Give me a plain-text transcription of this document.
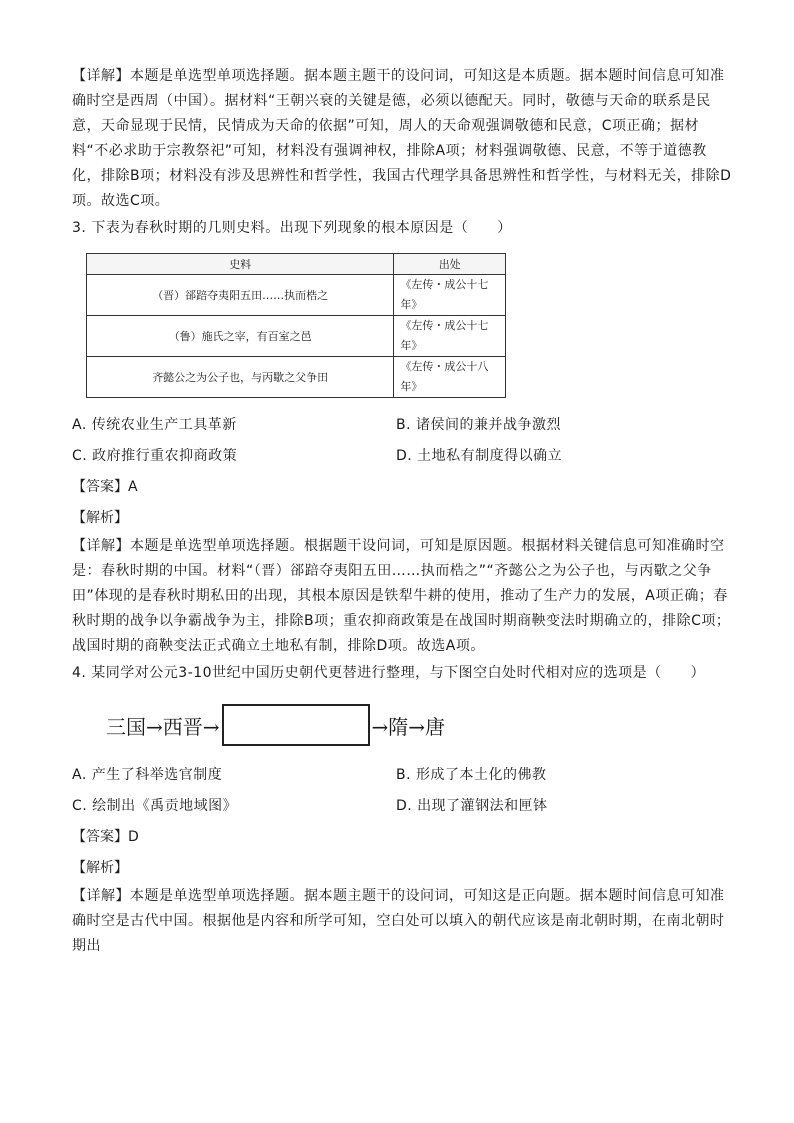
【详解】本题是单选型单项选择题。据本题主题干的设问词，可知这是本质题。据本题时间信息可知准确时空是西周（中国）。据材料“王朝兴衰的关键是德，必须以德配天。同时，敬德与天命的联系是民意，天命显现于民情，民情成为天命的依据”可知，周人的天命观强调敬德和民意，C项正确；据材料“不必求助于宗教祭祀”可知，材料没有强调神权，排除A项；材料强调敬德、民意，不等于道德教化，排除B项；材料没有涉及思辨性和哲学性，我国古代理学具备思辨性和哲学性，与材料无关，排除D项。故选C项。

3. 下表为春秋时期的几则史料。出现下列现象的根本原因是（　　）

史料	出处
（晋）郤踣夺夷阳五田……执而梏之	《左传・成公十七年》
（鲁）施氏之宰，有百室之邑	《左传・成公十七年》
齐懿公之为公子也，与丙歜之父争田	《左传・成公十八年》
A. 传统农业生产工具革新	B. 诸侯间的兼并战争激烈
C. 政府推行重农抑商政策	D. 土地私有制度得以确立
【答案】A
【解析】

【详解】本题是单选型单项选择题。根据题干设问词，可知是原因题。根据材料关键信息可知准确时空是：春秋时期的中国。材料“（晋）郤踣夺夷阳五田……执而梏之”“齐懿公之为公子也，与丙歜之父争田”体现的是春秋时期私田的出现，其根本原因是铁犁牛耕的使用，推动了生产力的发展，A项正确；春秋时期的战争以争霸战争为主，排除B项；重农抑商政策是在战国时期商鞅变法时期确立的，排除C项；战国时期的商鞅变法正式确立土地私有制，排除D项。故选A项。

4. 某同学对公元3-10世纪中国历史朝代更替进行整理，与下图空白处时代相对应的选项是（　　）

三国→西晋→	→隋→唐
A. 产生了科举选官制度	B. 形成了本土化的佛教
C. 绘制出《禹贡地域图》	D. 出现了灌钢法和匣钵
【答案】D
【解析】

【详解】本题是单选型单项选择题。据本题主题干的设问词，可知这是正向题。据本题时间信息可知准确时空是古代中国。根据他是内容和所学可知，空白处可以填入的朝代应该是南北朝时期，在南北朝时期出
